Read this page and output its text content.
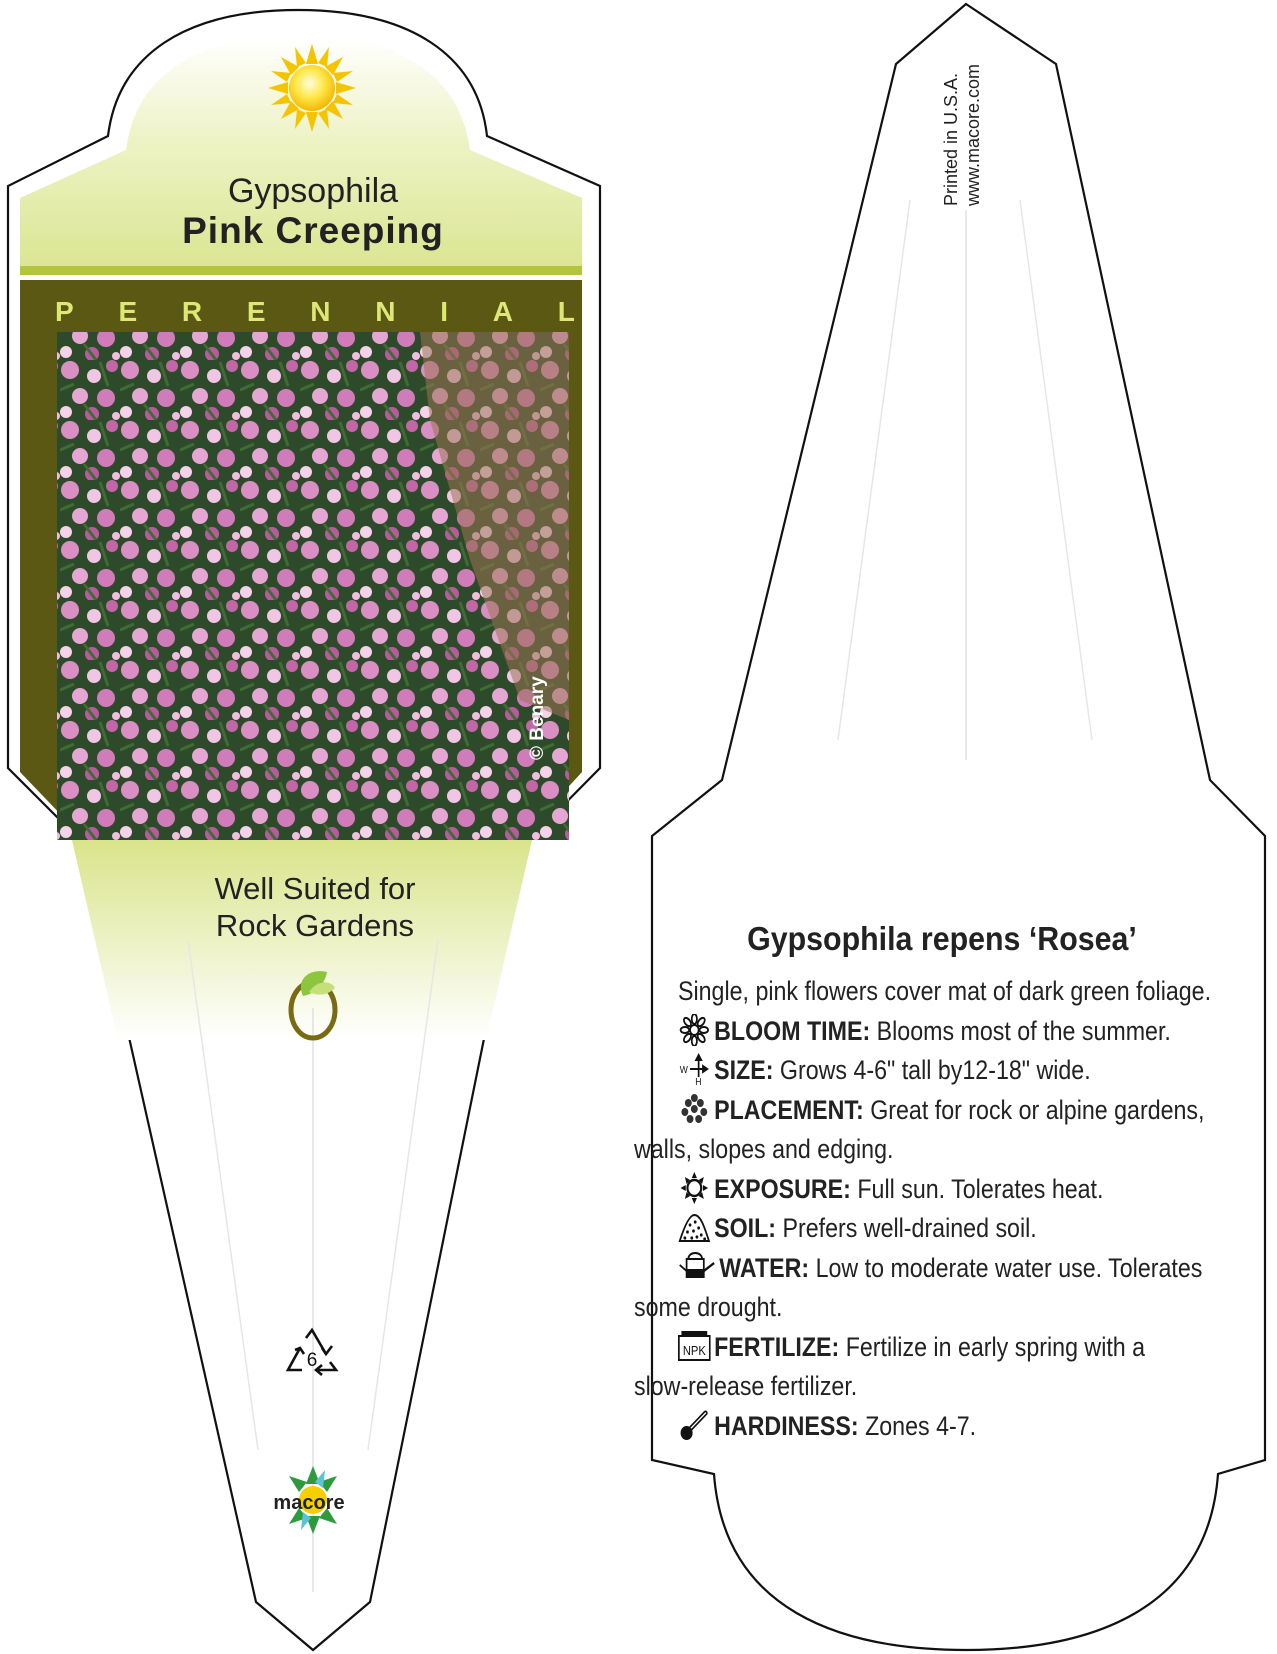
Gypsophila
Pink Creeping
P E R E N N I A L
© Benary
Well Suited for
Rock Gardens
6
macore
Printed in U.S.A. www.macore.com
Gypsophila repens ‘Rosea’
Single, pink flowers cover mat of dark green foliage.
BLOOM TIME: Blooms most of the summer.
W
H SIZE: Grows 4-6" tall by12-18" wide.
PLACEMENT: Great for rock or alpine gardens,
walls, slopes and edging.
EXPOSURE: Full sun. Tolerates heat.
SOIL: Prefers well-drained soil.
WATER: Low to moderate water use. Tolerates
some drought.
NPK FERTILIZE: Fertilize in early spring with a
slow-release fertilizer.
HARDINESS: Zones 4-7.
